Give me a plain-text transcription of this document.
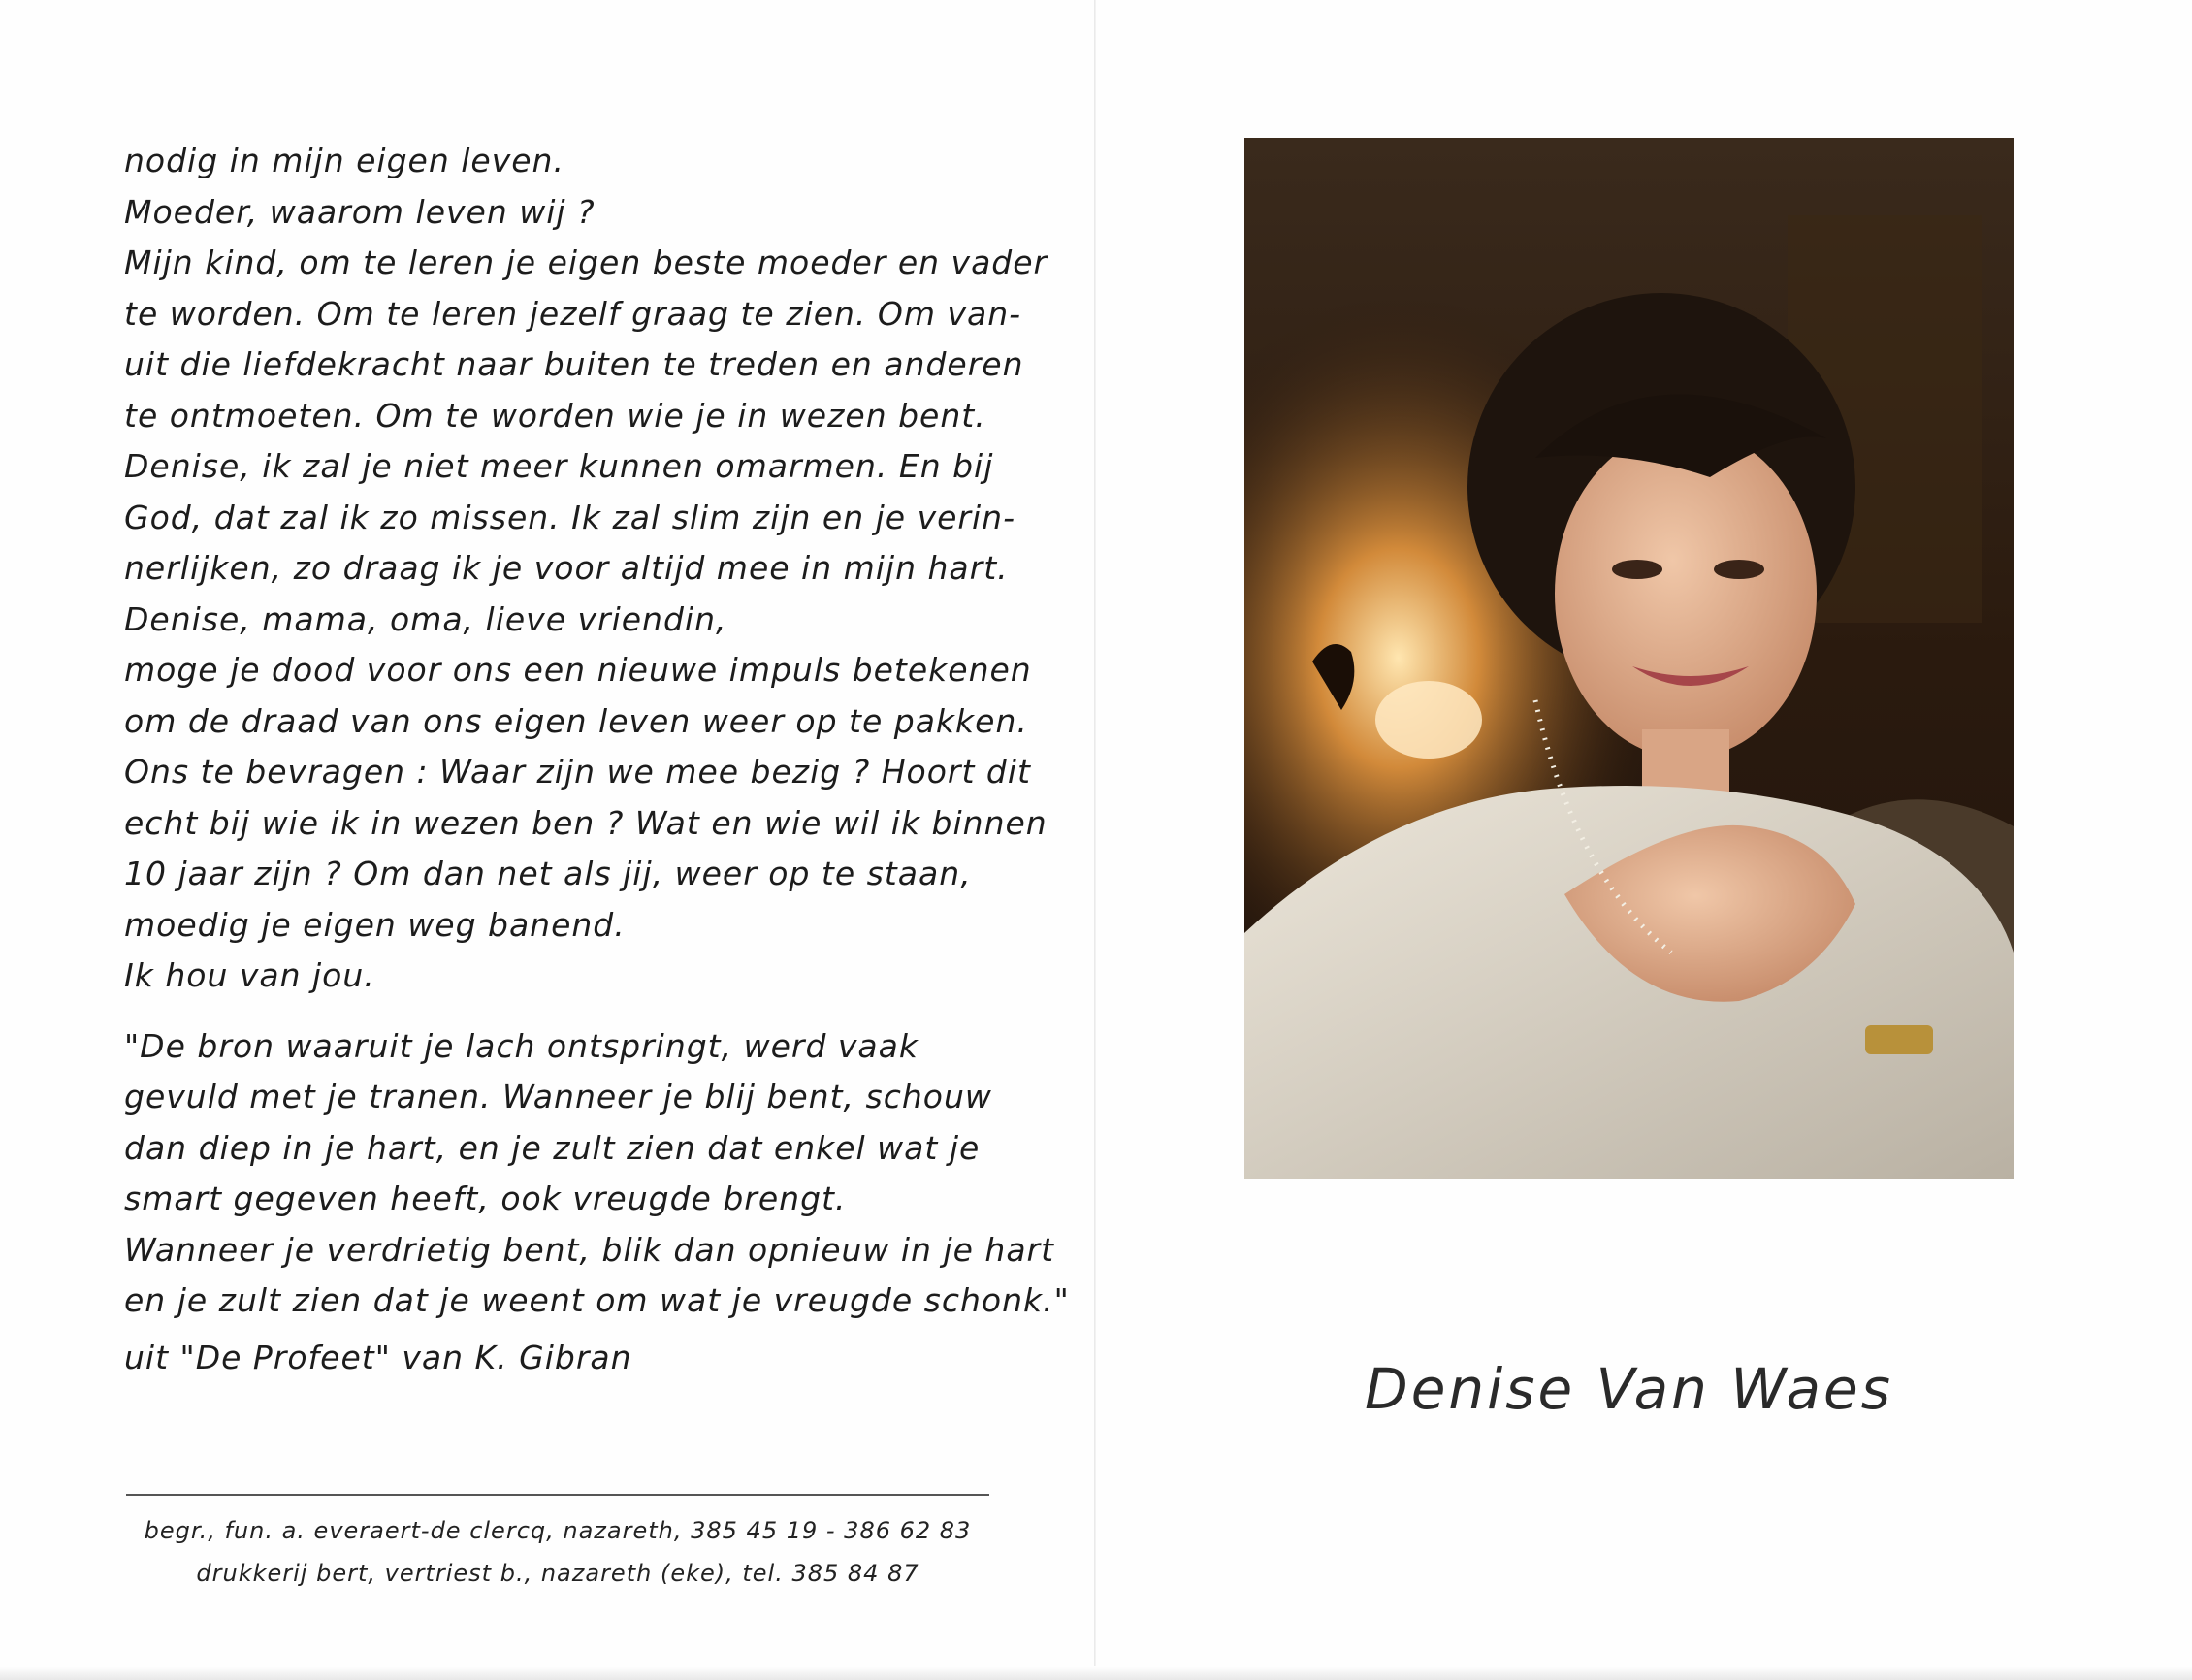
nodig in mijn eigen leven.
Moeder, waarom leven wij ?
Mijn kind, om te leren je eigen beste moeder en vader
te worden. Om te leren jezelf graag te zien. Om van-
uit die liefdekracht naar buiten te treden en anderen
te ontmoeten. Om te worden wie je in wezen bent.
Denise, ik zal je niet meer kunnen omarmen. En bij
God, dat zal ik zo missen. Ik zal slim zijn en je verin-
nerlijken, zo draag ik je voor altijd mee in mijn hart.
Denise, mama, oma, lieve vriendin,
moge je dood voor ons een nieuwe impuls betekenen
om de draad van ons eigen leven weer op te pakken.
Ons te bevragen : Waar zijn we mee bezig ? Hoort dit
echt bij wie ik in wezen ben ? Wat en wie wil ik binnen
10 jaar zijn ? Om dan net als jij, weer op te staan,
moedig je eigen weg banend.
Ik hou van jou.
"De bron waaruit je lach ontspringt, werd vaak
gevuld met je tranen. Wanneer je blij bent, schouw
dan diep in je hart, en je zult zien dat enkel wat je
smart gegeven heeft, ook vreugde brengt.
Wanneer je verdrietig bent, blik dan opnieuw in je hart
en je zult zien dat je weent om wat je vreugde schonk."
uit "De Profeet" van K. Gibran
begr., fun. a. everaert-de clercq, nazareth, 385 45 19 - 386 62 83
drukkerij bert, vertriest b., nazareth (eke), tel. 385 84 87
Denise Van Waes
